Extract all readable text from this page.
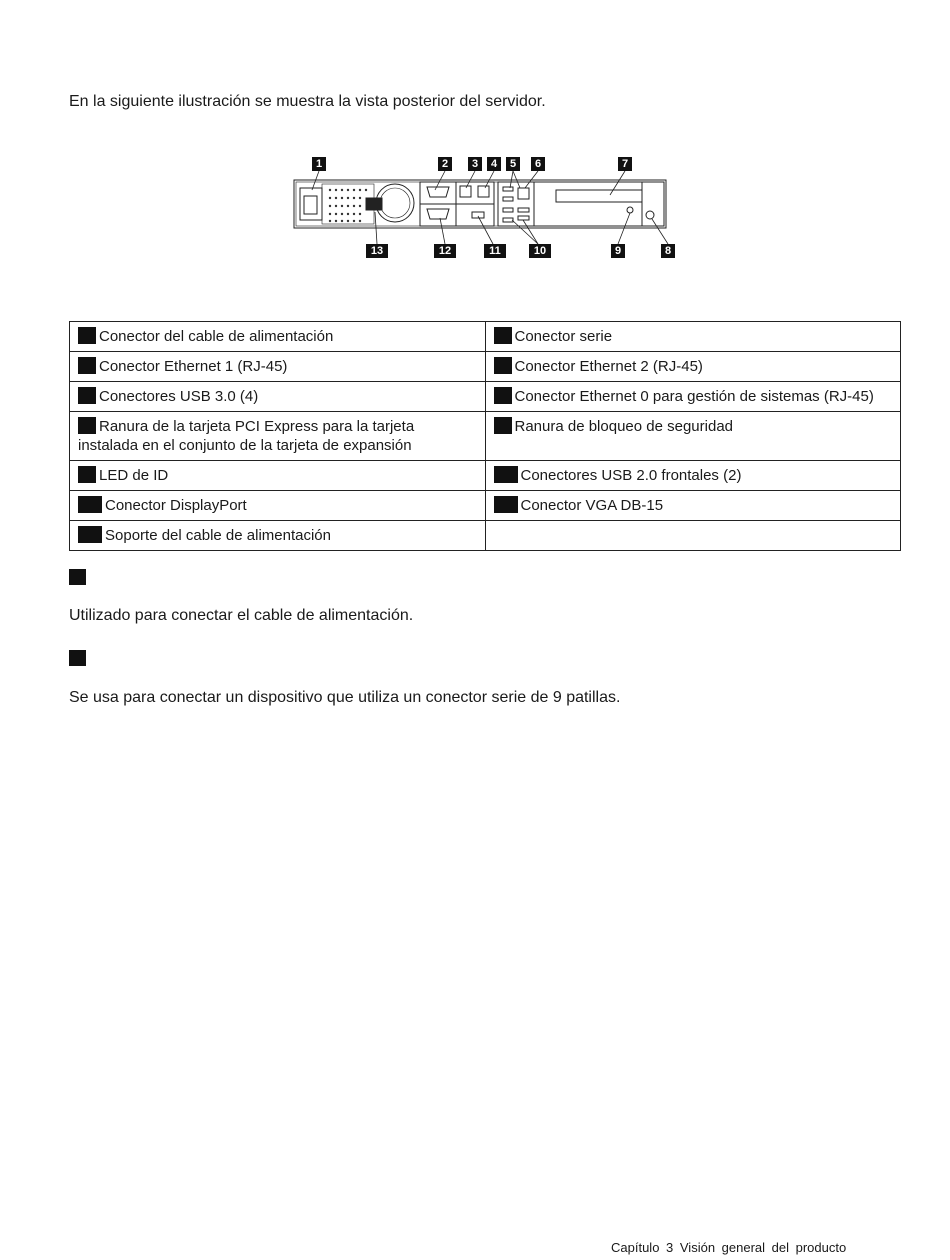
En la siguiente ilustración se muestra la vista posterior del servidor.

1	2	3	4	5	6	7
13	12	11	10	9	8
Conector del cable de alimentación	Conector serie
Conector Ethernet 1 (RJ-45)	Conector Ethernet 2 (RJ-45)
Conectores USB 3.0 (4)	Conector Ethernet 0 para gestión de sistemas (RJ-45)
Ranura de la tarjeta PCI Express para la tarjeta instalada en el conjunto de la tarjeta de expansión	Ranura de bloqueo de seguridad
LED de ID	Conectores USB 2.0 frontales (2)
Conector DisplayPort	Conector VGA DB-15
Soporte del cable de alimentación	

Utilizado para conectar el cable de alimentación.

Se usa para conectar un dispositivo que utiliza un conector serie de 9 patillas.

Capítulo 3 Visión general del producto
